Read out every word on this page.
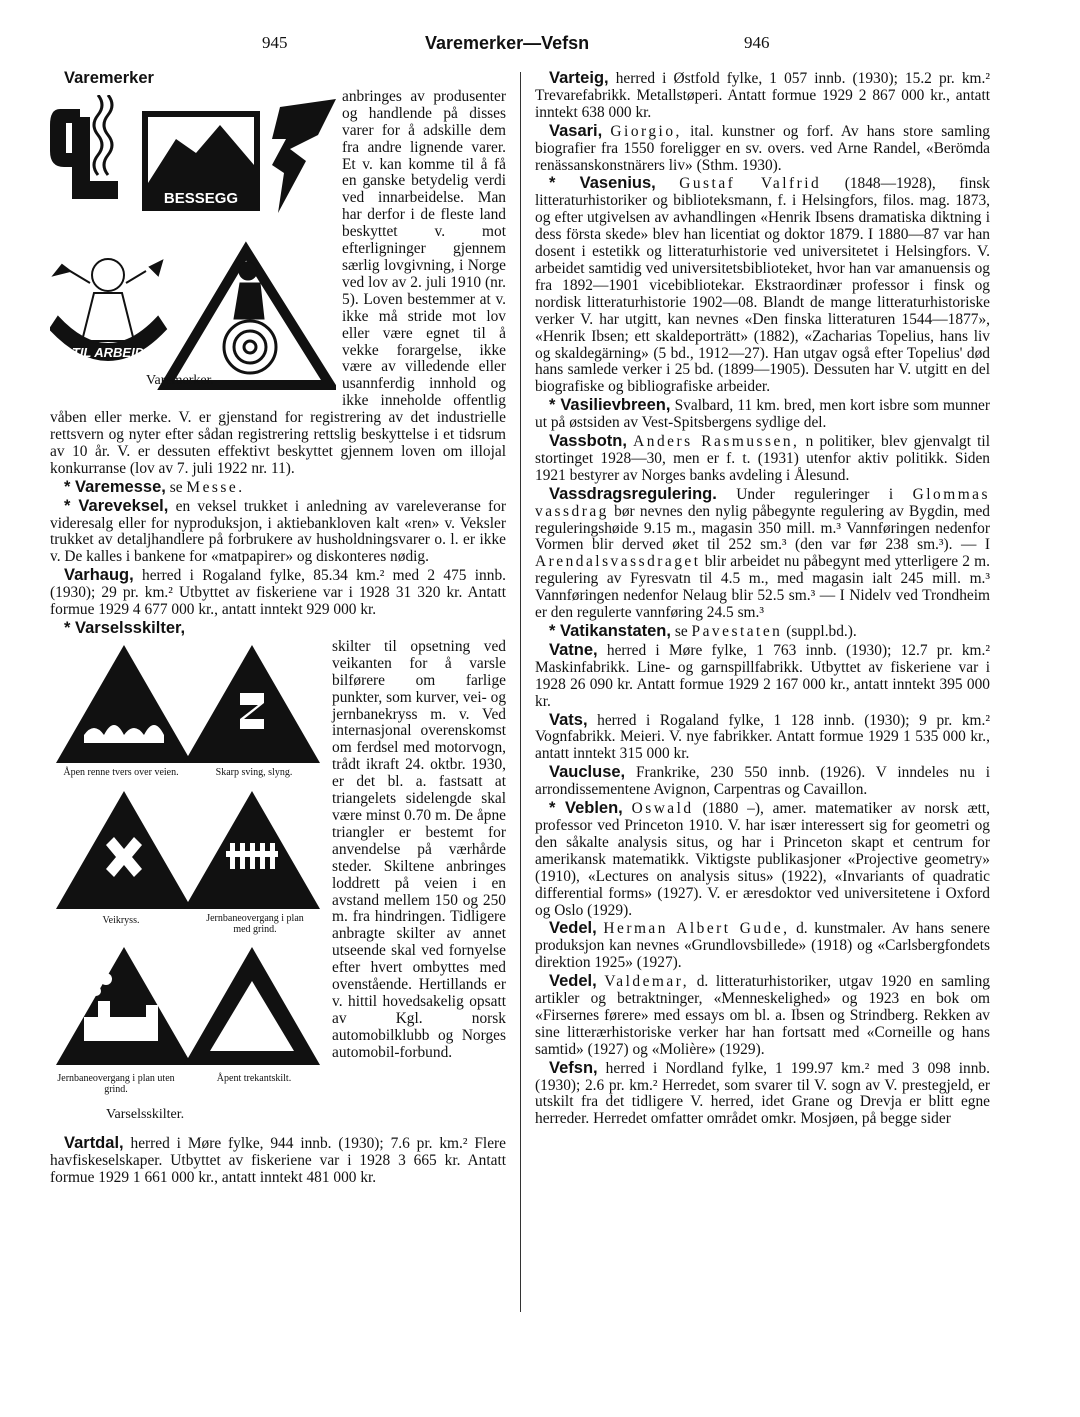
945	Varemerker—Vefsn	946

Varemerker

BESSEGG
TIL ARBEID
Varemerker.

anbringes av produsenter og handlende på disses varer for å adskille dem fra andre lignende varer. Et v. kan komme til å få en ganske betydelig verdi ved innarbeidelse. Man har derfor i de fleste land beskyttet v. mot efterligninger gjennem særlig lovgivning, i Norge ved lov av 2. juli 1910 (nr. 5). Loven bestemmer at v. ikke må stride mot lov eller være egnet til å vekke forargelse, ikke være av villedende eller usannferdig innhold og ikke inneholde offentlig våben eller merke. V. er gjenstand for registrering av det industrielle rettsvern og nyter efter sådan registrering rettslig beskyttelse i et tidsrum av 10 år. V. er dessuten effektivt beskyttet gjennem loven om illojal konkurranse (lov av 7. juli 1922 nr. 11).

* Varemesse, se Messe.

* Vareveksel, en veksel trukket i anledning av vareleveranse for videresalg eller for nyproduksjon, i aktiebankloven kalt «ren» v. Veksler trukket av detaljhandlere på forbrukere av husholdningsvarer o. l. er ikke v. De kalles i bankene for «matpapirer» og diskonteres nødig.

Varhaug, herred i Rogaland fylke, 85.34 km.² med 2 475 innb. (1930); 29 pr. km.² Utbyttet av fiskeriene var i 1928 31 320 kr. Antatt formue 1929 4 677 000 kr., antatt inntekt 929 000 kr.

* Varselsskilter,

Åpen renne tvers over veien.	Skarp sving, slyng.
Veikryss.	Jernbaneovergang i plan med grind.
Jernbaneovergang i plan uten grind.
Åpent trekantskilt.
Varselsskilter.

skilter til opsetning ved veikanten for å varsle bilførere om farlige punkter, som kurver, vei- og jernbanekryss m. v. Ved internasjonal overenskomst om ferdsel med motorvogn, trådt ikraft 24. oktbr. 1930, er det bl. a. fastsatt at triangelets sidelengde skal være minst 0.70 m. De åpne triangler er bestemt for anvendelse på værhårde steder. Skiltene anbringes loddrett på veien i en avstand mellem 150 og 250 m. fra hindringen. Tidligere anbragte skilter av annet utseende skal ved fornyelse efter hvert ombyttes med ovenstående. Hertillands er v. hittil hovedsakelig opsatt av Kgl. norsk automobilklubb og Norges automobil-forbund.

Vartdal, herred i Møre fylke, 944 innb. (1930); 7.6 pr. km.² Flere havfiskeselskaper. Utbyttet av fiskeriene var i 1928 3 665 kr. Antatt formue 1929 1 661 000 kr., antatt inntekt 481 000 kr.

Varteig, herred i Østfold fylke, 1 057 innb. (1930); 15.2 pr. km.² Trevarefabrikk. Metallstøperi. Antatt formue 1929 2 867 000 kr., antatt inntekt 638 000 kr.

Vasari, Giorgio, ital. kunstner og forf. Av hans store samling biografier fra 1550 foreligger en sv. overs. ved Arne Randel, «Berömda renässanskonstnärers liv» (Sthm. 1930).

* Vasenius, Gustaf Valfrid (1848—1928), finsk litteraturhistoriker og biblioteksmann, f. i Helsingfors, filos. mag. 1873, og efter utgivelsen av avhandlingen «Henrik Ibsens dramatiska diktning i dess första skede» blev han licentiat og doktor 1879. I 1880—87 var han dosent i estetikk og litteraturhistorie ved universitetet i Helsingfors. V. arbeidet samtidig ved universitetsbiblioteket, hvor han var amanuensis og fra 1892—1901 vicebibliotekar. Ekstraordinær professor i finsk og nordisk litteraturhistorie 1902—08. Blandt de mange litteraturhistoriske verker V. har utgitt, kan nevnes «Den finska litteraturen 1544—1877», «Henrik Ibsen; ett skaldeporträtt» (1882), «Zacharias Topelius, hans liv og skaldegärning» (5 bd., 1912—27). Han utgav også efter Topelius' død hans samlede verker i 25 bd. (1899—1905). Dessuten har V. utgitt en del biografiske og bibliografiske arbeider.

* Vasilievbreen, Svalbard, 11 km. bred, men kort isbre som munner ut på østsiden av Vest-Spitsbergens sydlige del.

Vassbotn, Anders Rasmussen, n politiker, blev gjenvalgt til stortinget 1928—30, men er f. t. (1931) utenfor aktiv politikk. Siden 1921 bestyrer av Norges banks avdeling i Ålesund.

Vassdragsregulering. Under reguleringer i Glommas vassdrag bør nevnes den nylig påbegynte regulering av Bygdin, med reguleringshøide 9.15 m., magasin 350 mill. m.³ Vannføringen nedenfor Vormen blir derved øket til 252 sm.³ (den var før 238 sm.³). — I Arendalsvassdraget blir arbeidet nu påbegynt med ytterligere 2 m. regulering av Fyresvatn til 4.5 m., med magasin ialt 245 mill. m.³ Vannføringen nedenfor Nelaug blir 52.5 sm.³ — I Nidelv ved Trondheim er den regulerte vannføring 24.5 sm.³

* Vatikanstaten, se Pavestaten (suppl.bd.).

Vatne, herred i Møre fylke, 1 763 innb. (1930); 12.7 pr. km.² Maskinfabrikk. Line- og garnspillfabrikk. Utbyttet av fiskeriene var i 1928 26 090 kr. Antatt formue 1929 2 167 000 kr., antatt inntekt 395 000 kr.

Vats, herred i Rogaland fylke, 1 128 innb. (1930); 9 pr. km.² Vognfabrikk. Meieri. V. nye fabrikker. Antatt formue 1929 1 535 000 kr., antatt inntekt 315 000 kr.

Vaucluse, Frankrike, 230 550 innb. (1926). V inndeles nu i arrondissementene Avignon, Carpentras og Cavaillon.

* Veblen, Oswald (1880 –), amer. matematiker av norsk ætt, professor ved Princeton 1910. V. har især interessert sig for geometri og den såkalte analysis situs, og har i Princeton skapt et centrum for amerikansk matematikk. Viktigste publikasjoner «Projective geometry» (1910), «Lectures on analysis situs» (1922), «Invariants of quadratic differential forms» (1927). V. er æresdoktor ved universitetene i Oxford og Oslo (1929).

Vedel, Herman Albert Gude, d. kunstmaler. Av hans senere produksjon kan nevnes «Grundlovsbillede» (1918) og «Carlsbergfondets direktion 1925» (1927).

Vedel, Valdemar, d. litteraturhistoriker, utgav 1920 en samling artikler og betraktninger, «Menneskelighed» og 1923 en bok om «Firsernes førere» med essays om bl. a. Ibsen og Strindberg. Rekken av sine litterærhistoriske verker har han fortsatt med «Corneille og hans samtid» (1927) og «Molière» (1929).

Vefsn, herred i Nordland fylke, 1 199.97 km.² med 3 098 innb. (1930); 2.6 pr. km.² Herredet, som svarer til V. sogn av V. prestegjeld, er utskilt fra det tidligere V. herred, idet Grane og Drevja er blitt egne herreder. Herredet omfatter området omkr. Mosjøen, på begge sider
